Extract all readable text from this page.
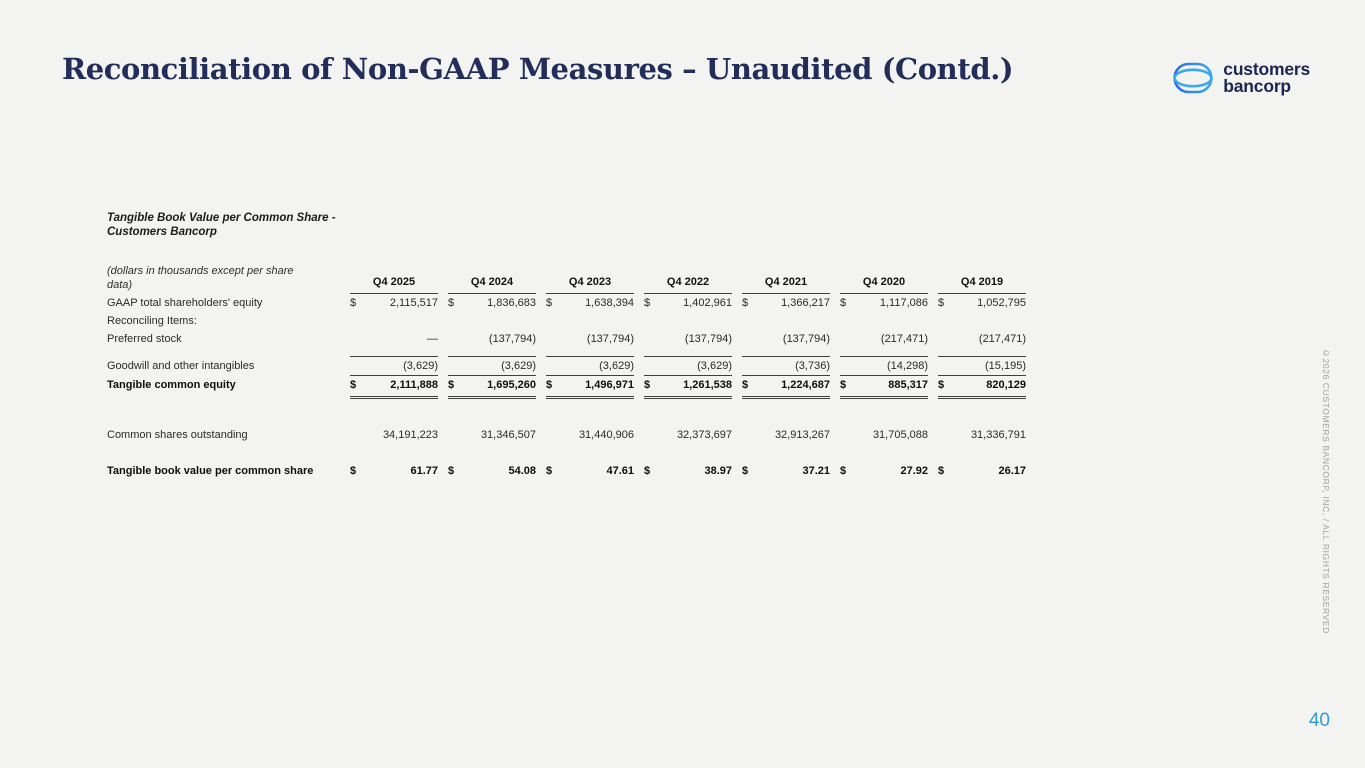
Reconciliation of Non-GAAP Measures – Unaudited (Contd.)	customers
bancorp
Tangible Book Value per Common Share -
Customers Bancorp
(dollars in thousands except per share data)	Q4 2025	Q4 2024	Q4 2023	Q4 2022	Q4 2021	Q4 2020	Q4 2019
GAAP total shareholders' equity	$	2,115,517 $	1,836,683 $	1,638,394 $	1,402,961 $	1,366,217 $	1,117,086 $	1,052,795
Reconciling Items:
Preferred stock	—	(137,794)	(137,794)	(137,794)	(137,794)	(217,471)	(217,471)
Goodwill and other intangibles	(3,629)	(3,629)	(3,629)	(3,629)	(3,736)	(14,298)	(15,195)
Tangible common equity	$	2,111,888 $	1,695,260 $	1,496,971 $	1,261,538 $	1,224,687 $	885,317 $	820,129
Common shares outstanding	34,191,223	31,346,507	31,440,906	32,373,697	32,913,267	31,705,088	31,336,791
Tangible book value per common share	$	61.77 $	54.08 $	47.61 $	38.97 $	37.21 $	27.92 $	26.17	©2026 CUSTOMERS BANCORP, INC. / ALL RIGHTS RESERVED
40
